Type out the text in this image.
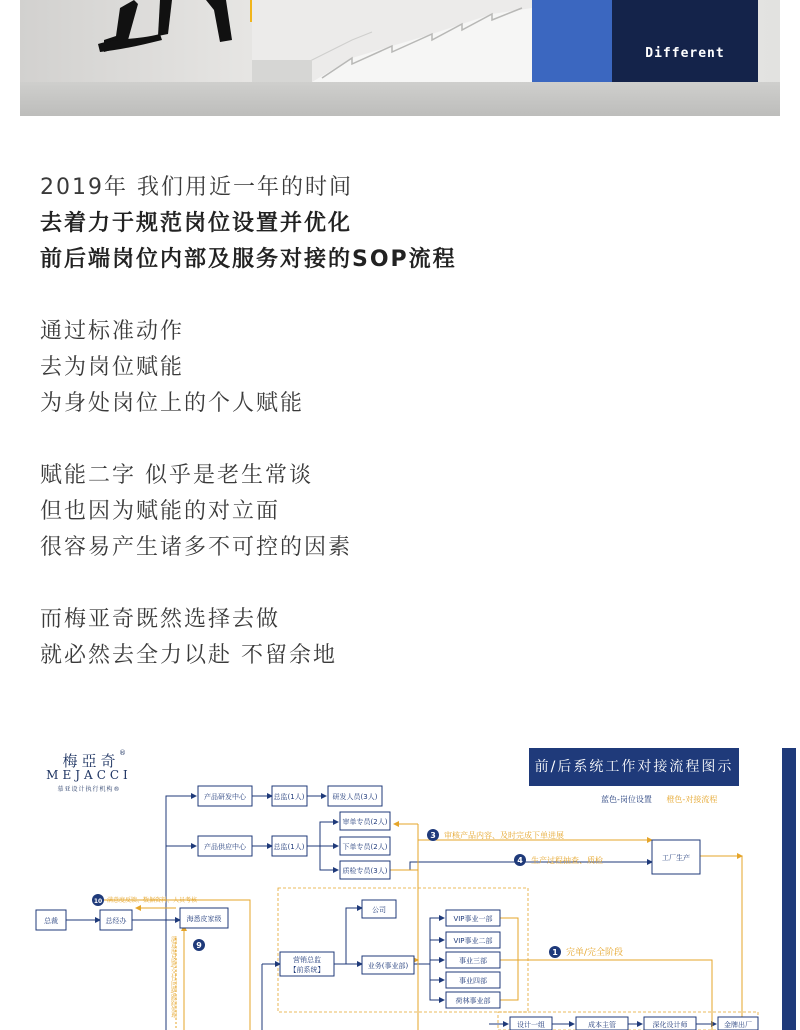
Different
2019年 我们用近一年的时间
去着力于规范岗位设置并优化
前后端岗位内部及服务对接的SOP流程
通过标准动作
去为岗位赋能
为身处岗位上的个人赋能
赋能二字 似乎是老生常谈
但也因为赋能的对立面
很容易产生诸多不可控的因素
而梅亚奇既然选择去做
就必然去全力以赴 不留余地
梅亞奇 ®
MEJACCI
慕亚设计执行机构®
前/后系统工作对接流程图示
蓝色-岗位设置 橙色-对接流程
总裁	总经办	海悉皮家级
产品研发中心
产品供应中心
总监(1人)
总监(1人)
研发人员(3人)
审单专员(2人)
下单专员(2人)
质检专员(3人)
工厂生产
公司
营销总监
【前系统】	业务(事业部)
VIP事业一部
VIP事业二部
事业三部
事业四部
荷林事业部
设计一组	成本主管	深化设计师	金牌出厂
3
4
1
10
9
审核产品内容、及时完成下单进展
生产过程抽查、质检
完单/完全阶段
满意度反馈、数据资料、人员考核
满意度反馈/交付问题/跟踪处理
